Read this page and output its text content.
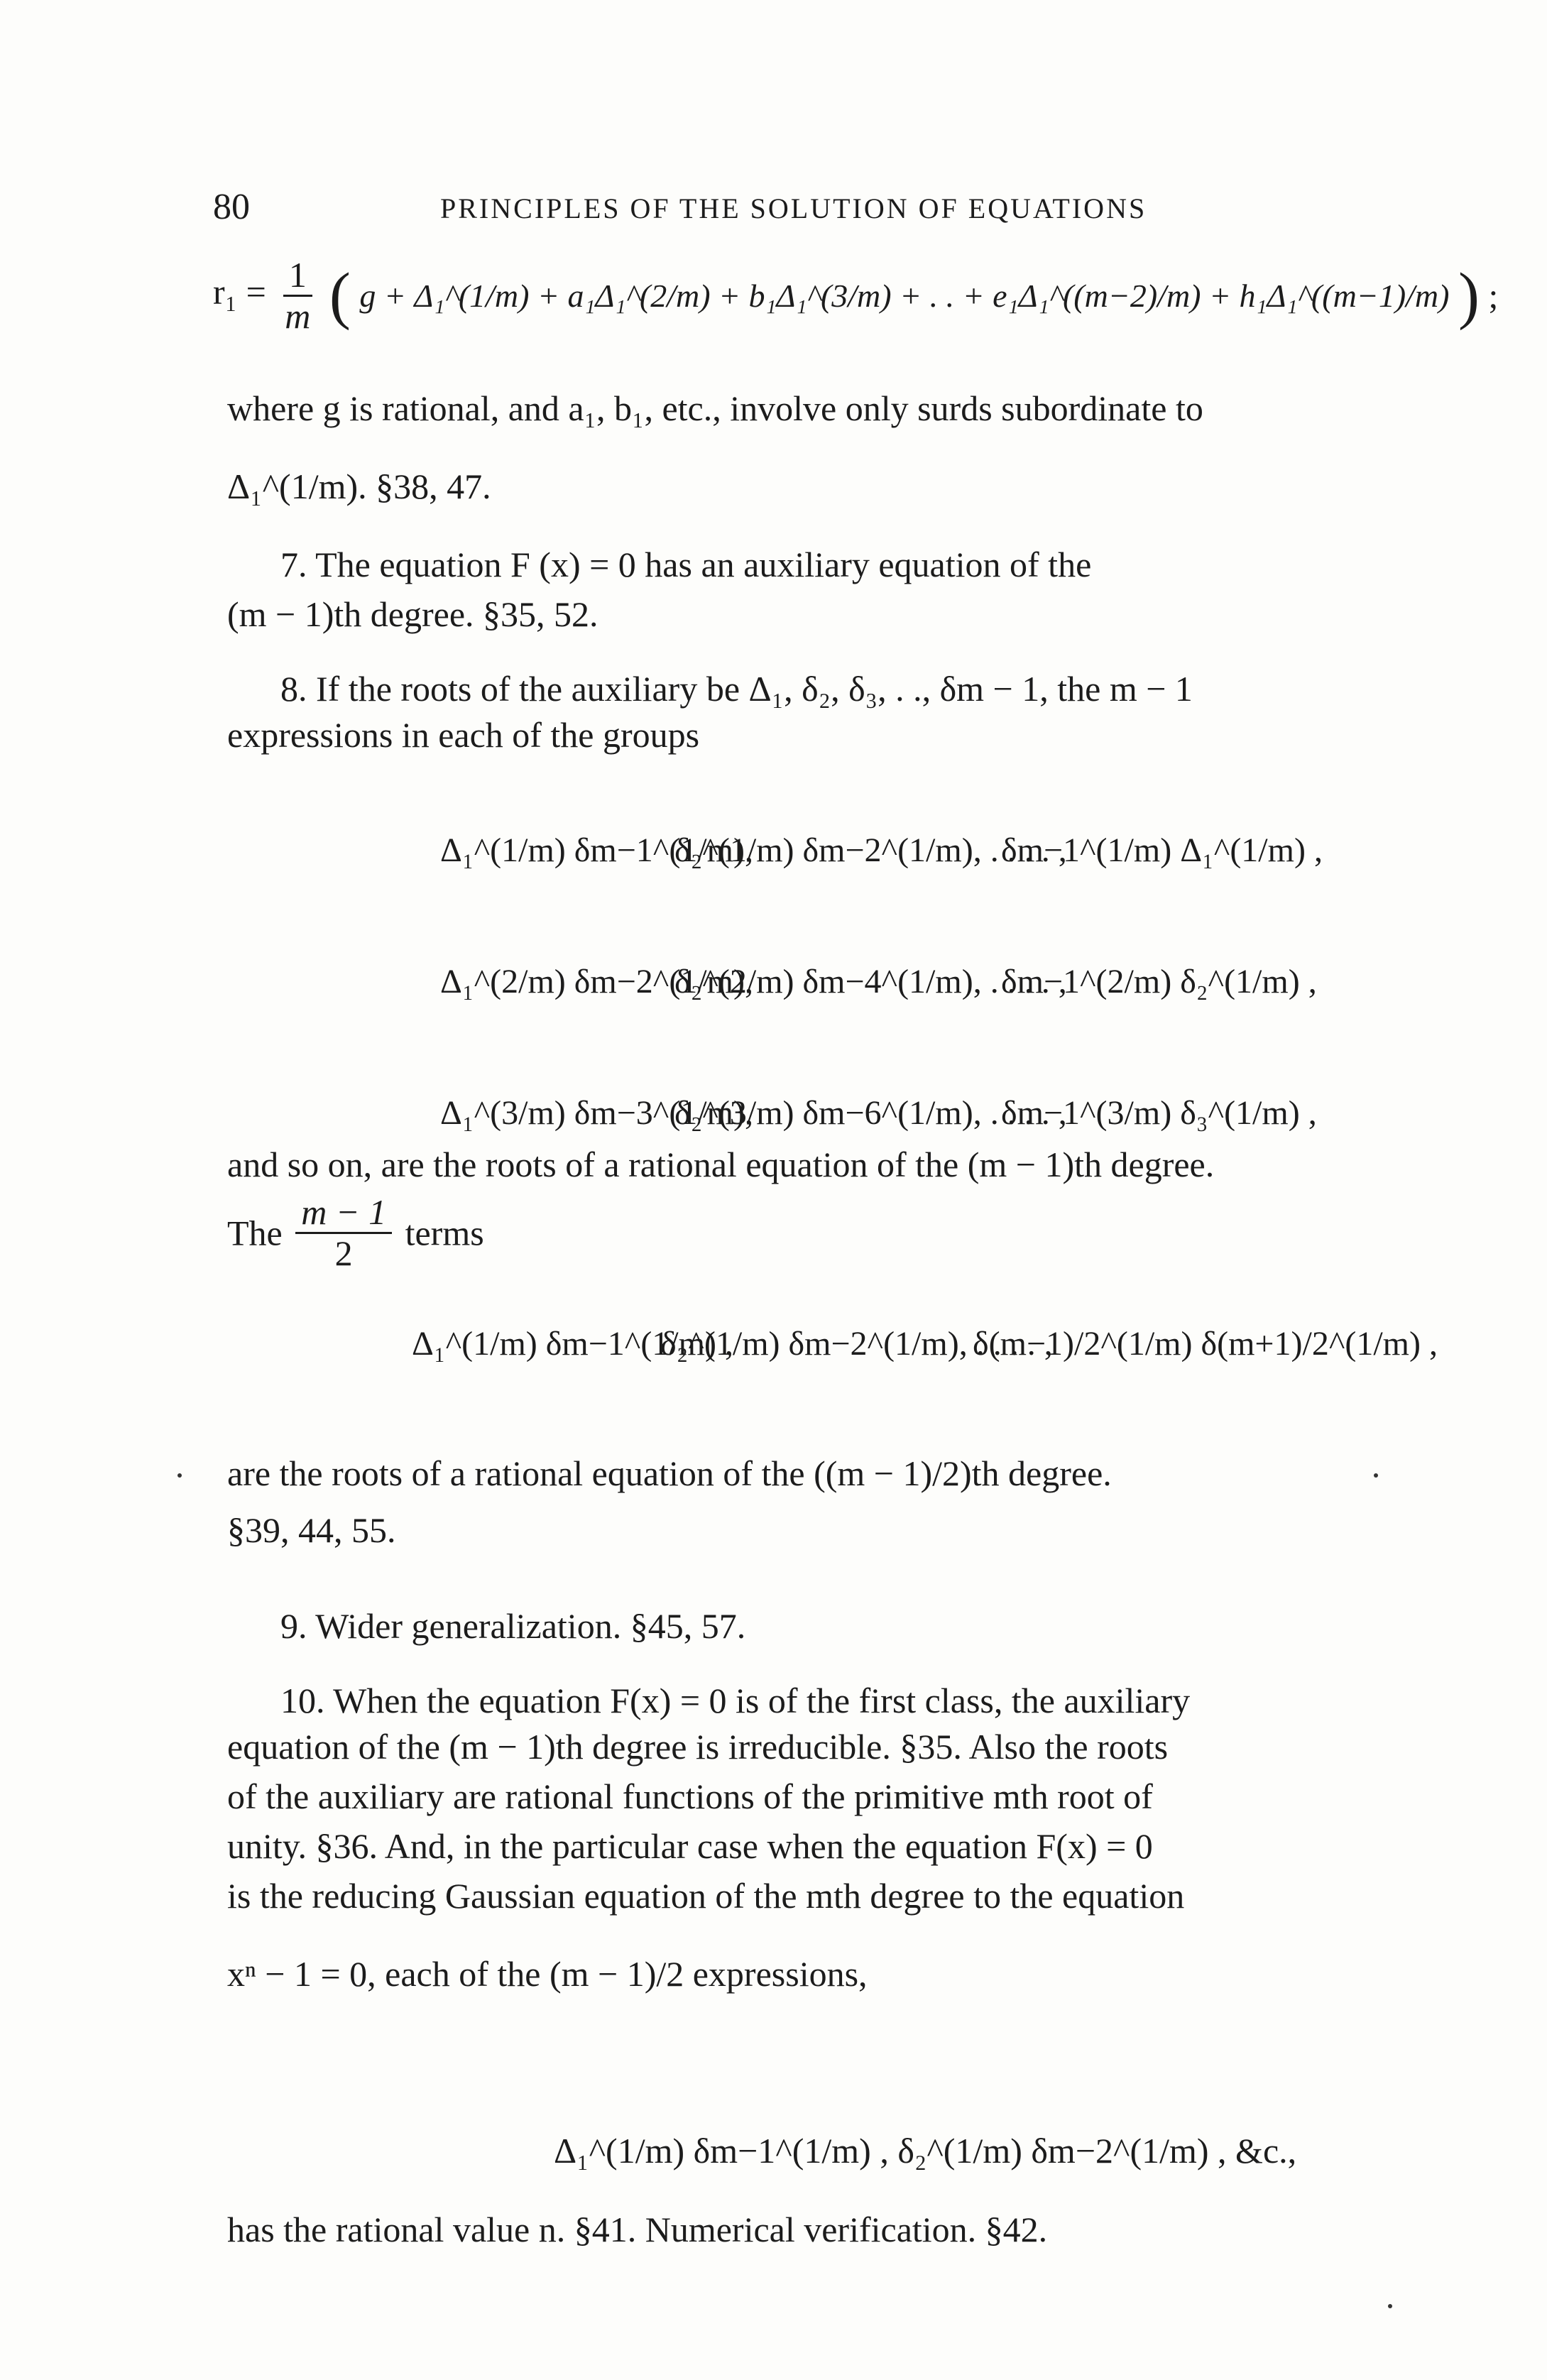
80	PRINCIPLES OF THE SOLUTION OF EQUATIONS
$r_1 = \frac{1}{m}$ ( g + Δ₁^(1/m) + a₁Δ₁^(2/m) + b₁Δ₁^(3/m) + . . + e₁Δ₁^((m−2)/m) + h₁Δ₁^((m−1)/m) ) ;
where g is rational, and a₁, b₁, etc., involve only surds subordinate to
Δ₁^(1/m). §38, 47.
7. The equation F (x) = 0 has an auxiliary equation of the
(m − 1)th degree. §35, 52.
8. If the roots of the auxiliary be Δ₁, δ₂, δ₃, . ., δm − 1, the m − 1
expressions in each of the groups
Δ₁^(1/m) δm−1^(1/m),
δ₂^(1/m) δm−2^(1/m), . . . . ,
δm−1^(1/m) Δ₁^(1/m) ,
Δ₁^(2/m) δm−2^(1/m),
δ₂^(2/m) δm−4^(1/m), . . . . ,
δm−1^(2/m) δ₂^(1/m) ,
Δ₁^(3/m) δm−3^(1/m),
δ₂^(3/m) δm−6^(1/m), . . . . ,
δm−1^(3/m) δ₃^(1/m) ,
and so on, are the roots of a rational equation of the (m − 1)th degree.
The $\frac{m - 1}{2}$ terms
Δ₁^(1/m) δm−1^(1/m) ,
δ₂^(1/m) δm−2^(1/m), . . . . ,
δ(m−1)/2^(1/m) δ(m+1)/2^(1/m) ,
are the roots of a rational equation of the ((m − 1)/2)th degree.
§39, 44, 55.
9. Wider generalization. §45, 57.
10. When the equation F(x) = 0 is of the first class, the auxiliary
equation of the (m − 1)th degree is irreducible. §35. Also the roots
of the auxiliary are rational functions of the primitive mth root of
unity. §36. And, in the particular case when the equation F(x) = 0
is the reducing Gaussian equation of the mth degree to the equation
xⁿ − 1 = 0, each of the (m − 1)/2 expressions,
Δ₁^(1/m) δm−1^(1/m) , δ₂^(1/m) δm−2^(1/m) , &c.,
has the rational value n. §41. Numerical verification. §42.
